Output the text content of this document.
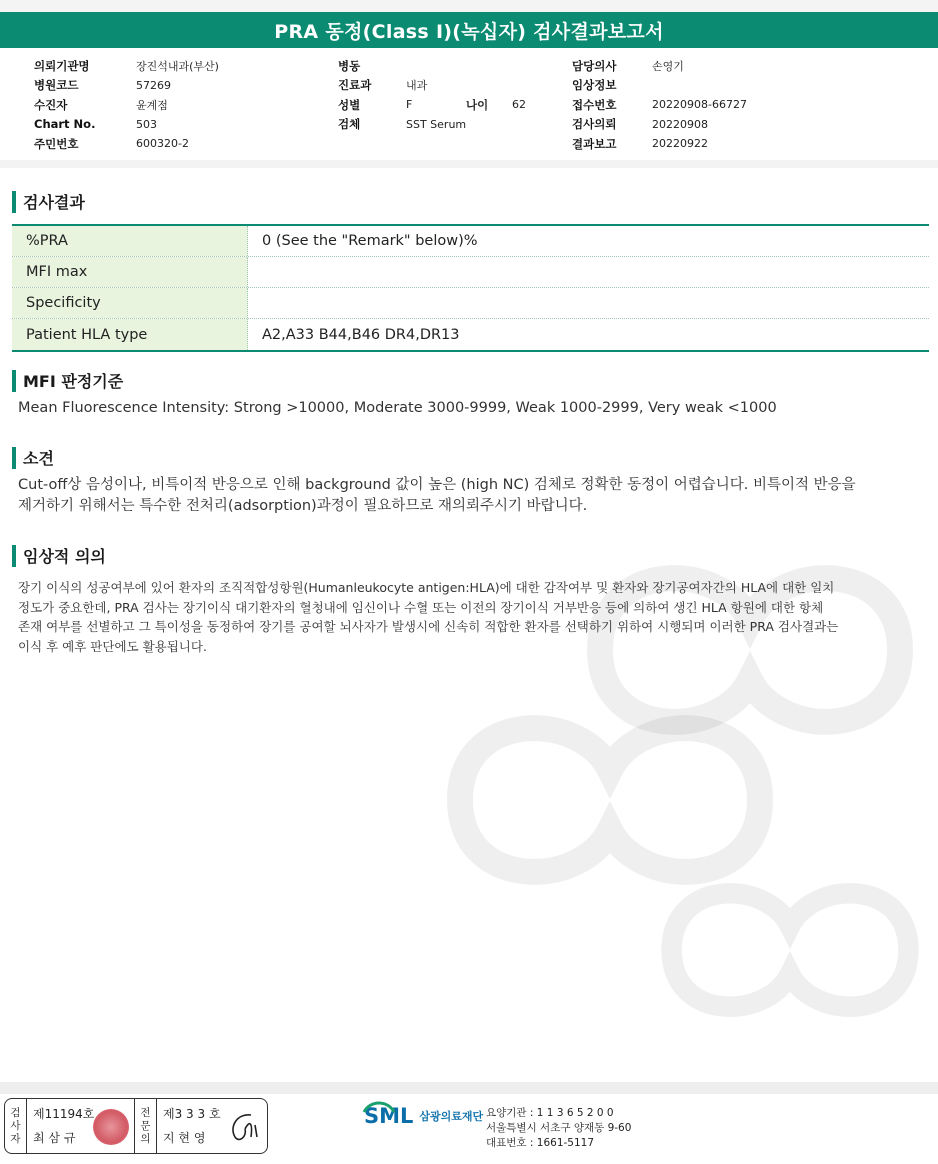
PRA 동정(Class I)(녹십자) 검사결과보고서
의뢰기관명	장진석내과(부산)
병원코드	57269
수진자	윤계점
Chart No.	503
주민번호	600320-2
병동
진료과	내과
성별	F	나이	62
검체	SST Serum
담당의사	손영기
임상정보
접수번호	20220908-66727
검사의뢰	20220908
결과보고	20220922
검사결과
%PRA	0 (See the "Remark" below)%
MFI max
Specificity
Patient HLA type	A2,A33 B44,B46 DR4,DR13
MFI 판정기준
Mean Fluorescence Intensity: Strong >10000, Moderate 3000-9999, Weak 1000-2999, Very weak <1000
소견
Cut-off상 음성이나, 비특이적 반응으로 인해 background 값이 높은 (high NC) 검체로 정확한 동정이 어렵습니다. 비특이적 반응을
제거하기 위해서는 특수한 전처리(adsorption)과정이 필요하므로 재의뢰주시기 바랍니다.
임상적 의의
장기 이식의 성공여부에 있어 환자의 조직적합성항원(Humanleukocyte antigen:HLA)에 대한 감작여부 및 환자와 장기공여자간의 HLA에 대한 일치
정도가 중요한데, PRA 검사는 장기이식 대기환자의 혈청내에 임신이나 수혈 또는 이전의 장기이식 거부반응 등에 의하여 생긴 HLA 항원에 대한 항체
존재 여부를 선별하고 그 특이성을 동정하여 장기를 공여할 뇌사자가 발생시에 신속히 적합한 환자를 선택하기 위하여 시행되며 이러한 PRA 검사결과는
이식 후 예후 판단에도 활용됩니다.
검
사
자
제11194호
최 삼 규
전
문
의
제3 3 3 호
지 현 영
SML 삼광의료재단 요양기관 : 1 1 3 6 5 2 0 0
서울특별시 서초구 양재동 9-60
대표번호 : 1661-5117
